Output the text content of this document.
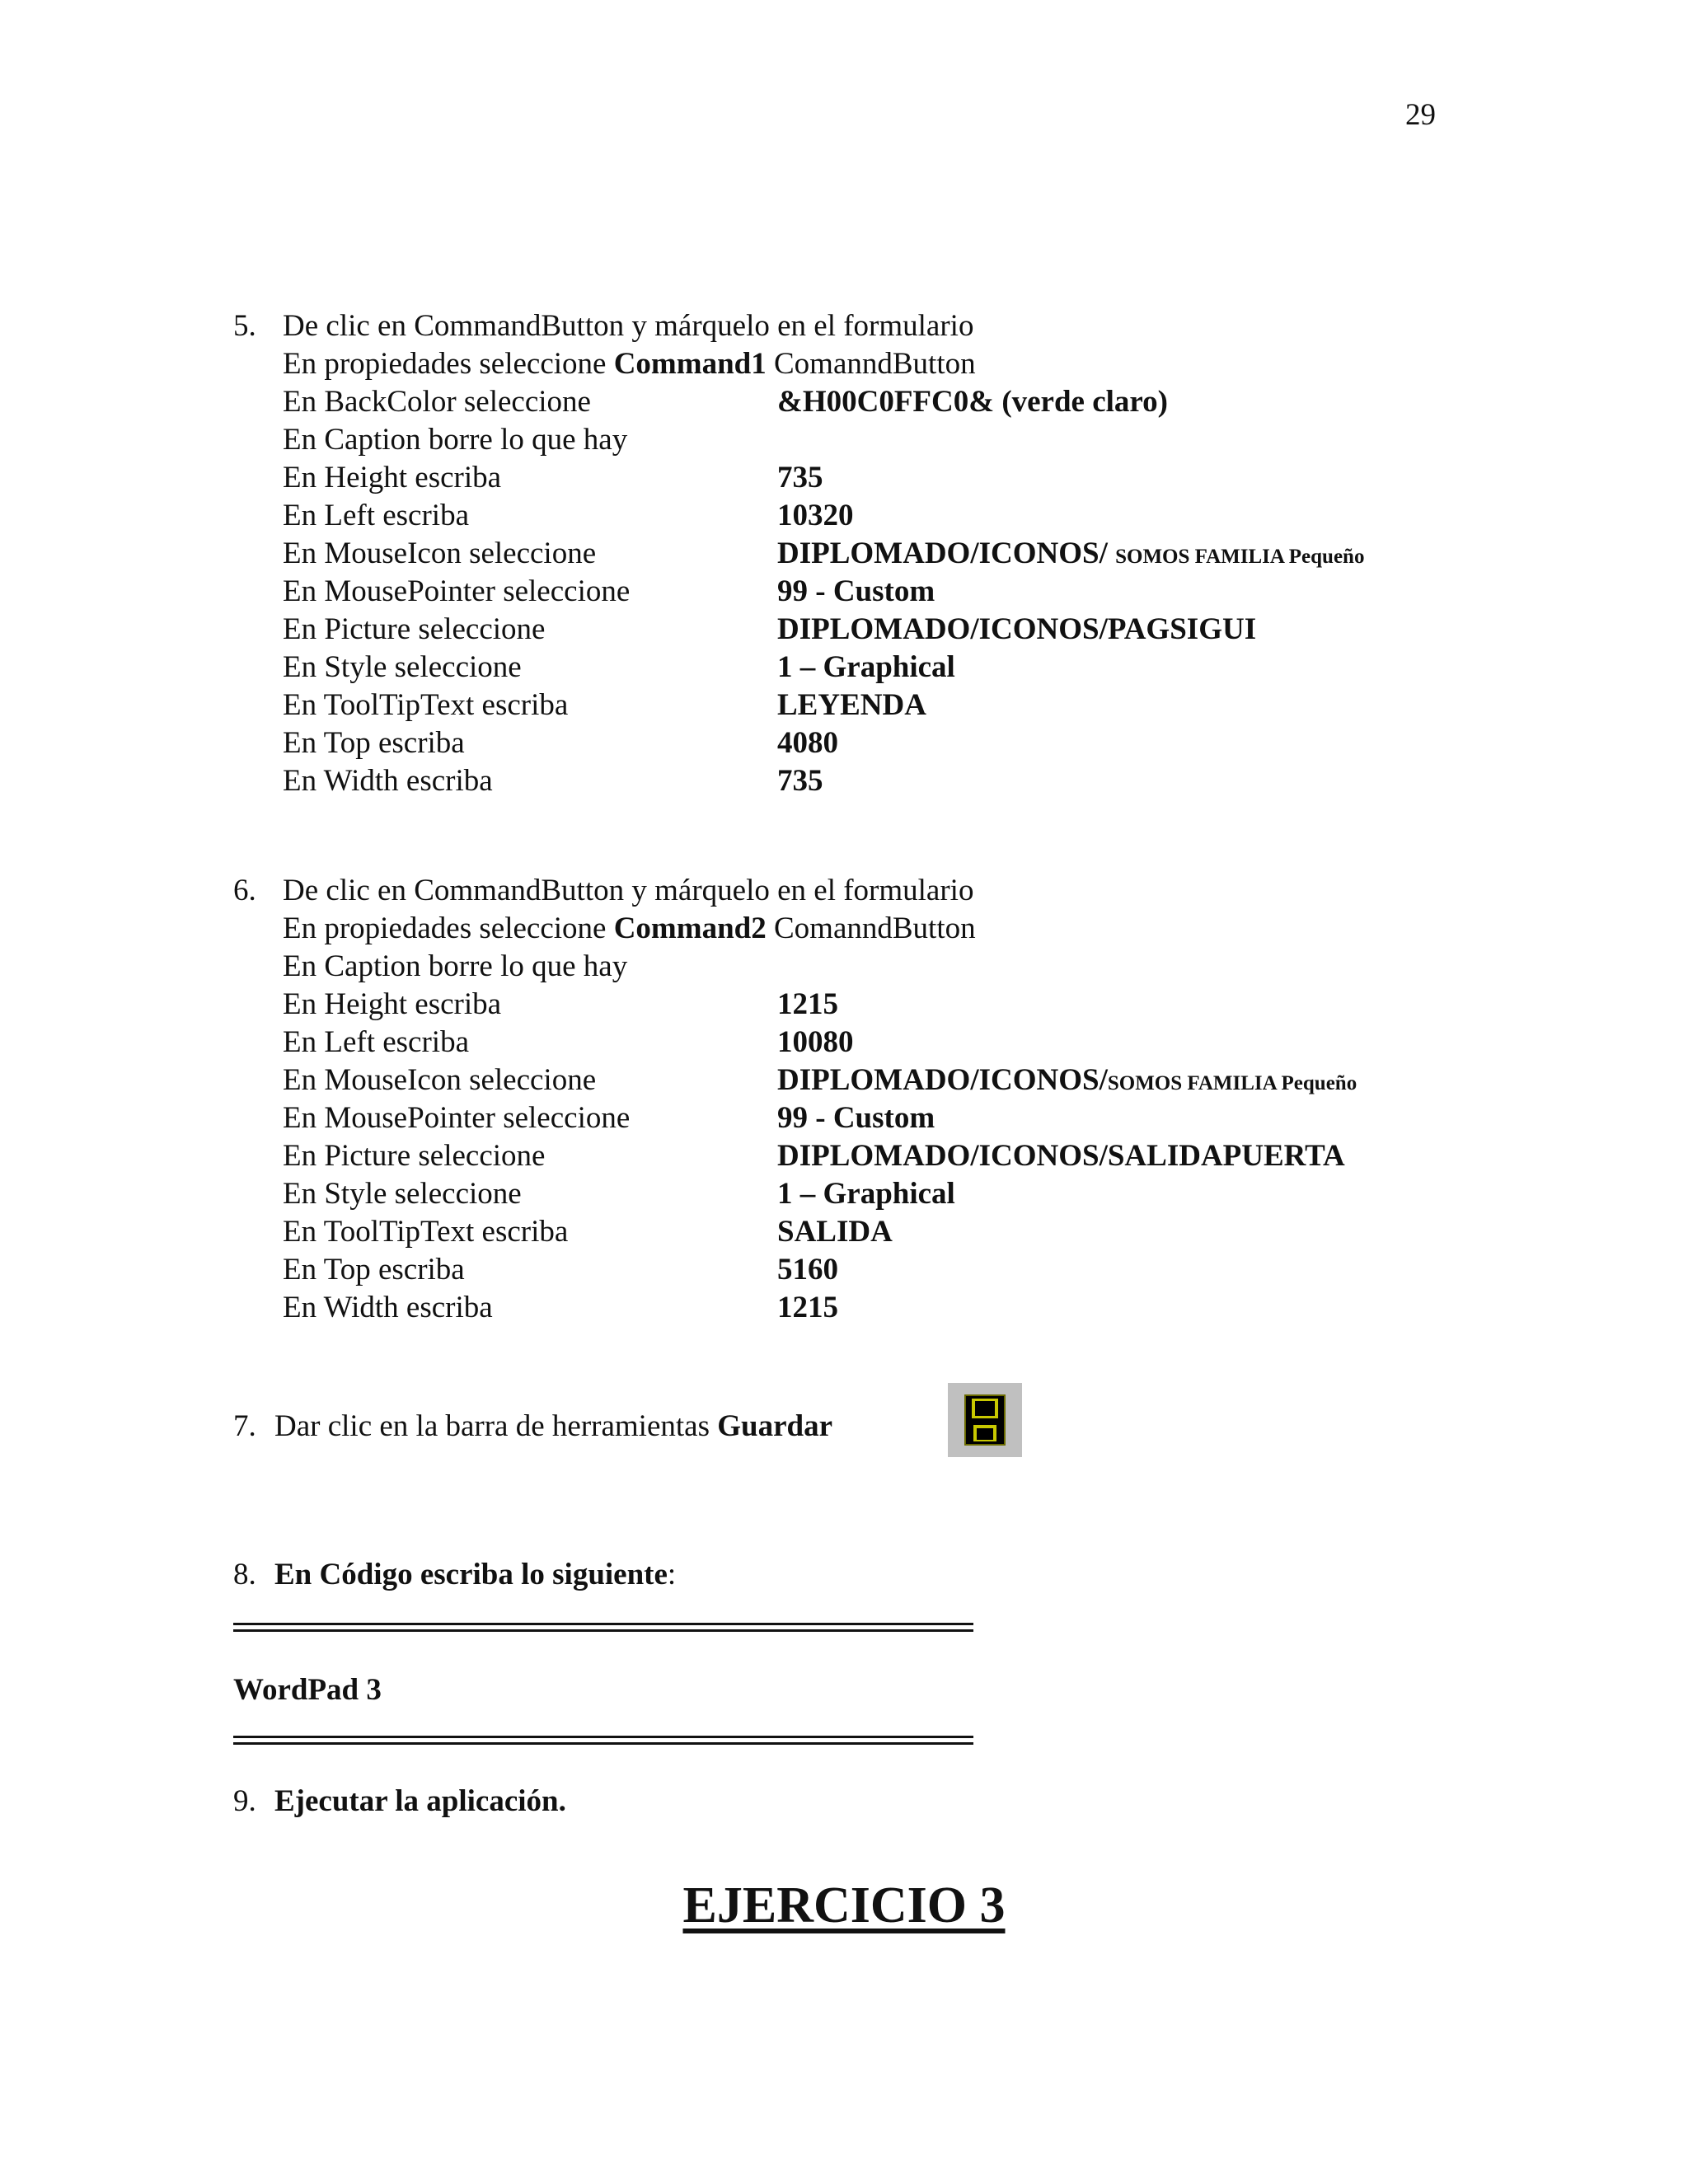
29
5. De clic en CommandButton y márquelo en el formulario
En propiedades seleccione Command1 ComanndButton
En BackColor seleccione	&H00C0FFC0& (verde claro)
En Caption borre lo que hay
En Height escriba	735
En Left escriba	10320
En MouseIcon seleccione	DIPLOMADO/ICONOS/ SOMOS FAMILIA Pequeño
En MousePointer seleccione	99 - Custom
En Picture seleccione	DIPLOMADO/ICONOS/PAGSIGUI
En Style seleccione	1 – Graphical
En ToolTipText escriba	LEYENDA
En Top escriba	4080
En Width escriba	735
6. De clic en CommandButton y márquelo en el formulario
En propiedades seleccione Command2 ComanndButton
En Caption borre lo que hay
En Height escriba	1215
En Left escriba	10080
En MouseIcon seleccione	DIPLOMADO/ICONOS/SOMOS FAMILIA Pequeño
En MousePointer seleccione	99 - Custom
En Picture seleccione	DIPLOMADO/ICONOS/SALIDAPUERTA
En Style seleccione	1 – Graphical
En ToolTipText escriba	SALIDA
En Top escriba	5160
En Width escriba	1215
7. Dar clic en la barra de herramientas Guardar
8. En Código escriba lo siguiente:
WordPad 3
9. Ejecutar la aplicación.
EJERCICIO 3
